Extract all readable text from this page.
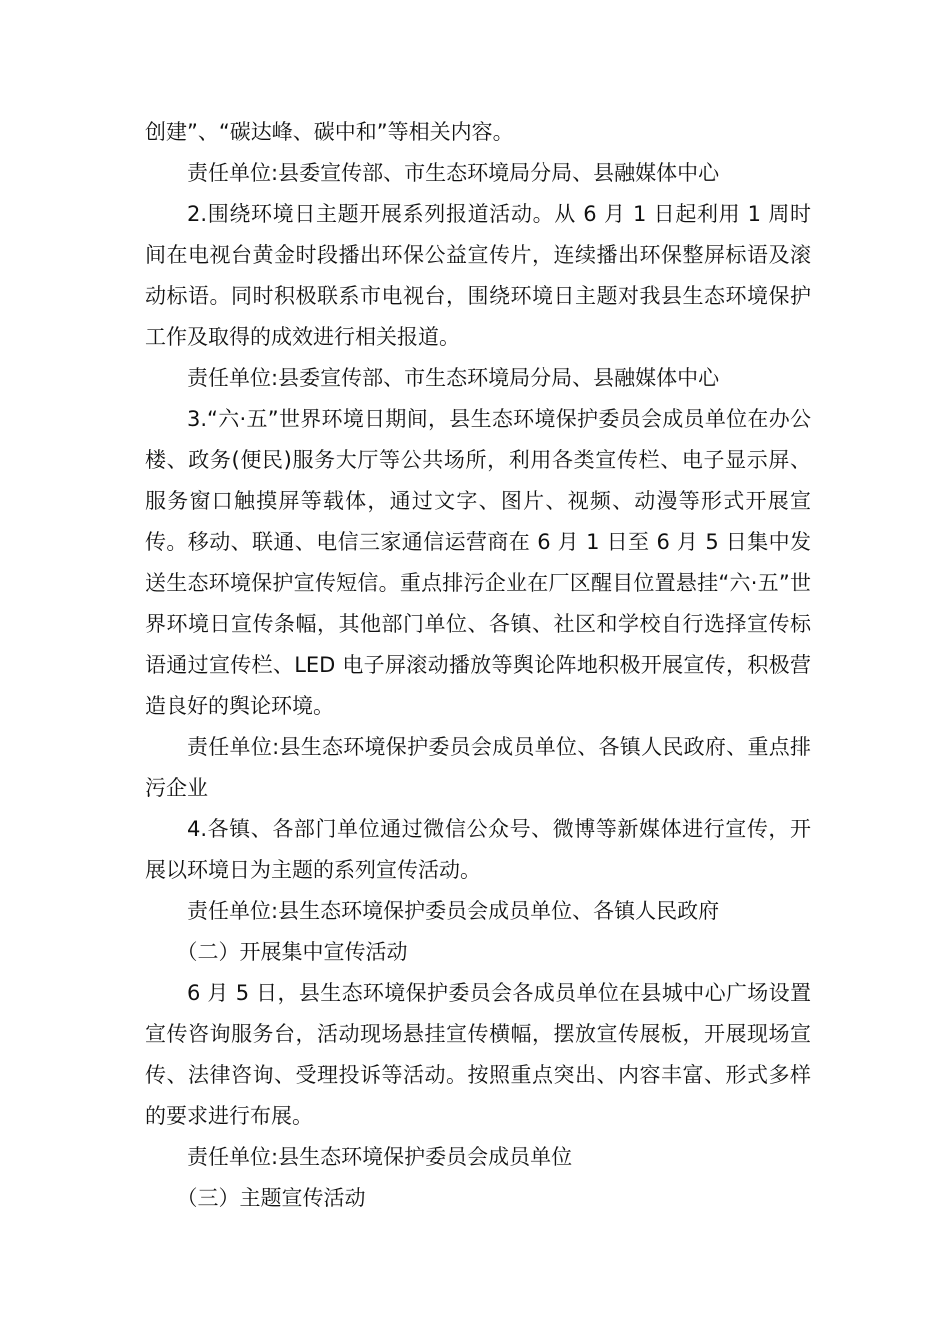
创建”、“碳达峰、碳中和”等相关内容。

责任单位:县委宣传部、市生态环境局分局、县融媒体中心

2.围绕环境日主题开展系列报道活动。从 6 月 1 日起利用 1 周时间在电视台黄金时段播出环保公益宣传片，连续播出环保整屏标语及滚动标语。同时积极联系市电视台，围绕环境日主题对我县生态环境保护工作及取得的成效进行相关报道。

责任单位:县委宣传部、市生态环境局分局、县融媒体中心

3.“六·五”世界环境日期间，县生态环境保护委员会成员单位在办公楼、政务(便民)服务大厅等公共场所，利用各类宣传栏、电子显示屏、服务窗口触摸屏等载体，通过文字、图片、视频、动漫等形式开展宣传。移动、联通、电信三家通信运营商在 6 月 1 日至 6 月 5 日集中发送生态环境保护宣传短信。重点排污企业在厂区醒目位置悬挂“六·五”世界环境日宣传条幅，其他部门单位、各镇、社区和学校自行选择宣传标语通过宣传栏、LED 电子屏滚动播放等舆论阵地积极开展宣传，积极营造良好的舆论环境。

责任单位:县生态环境保护委员会成员单位、各镇人民政府、重点排污企业

4.各镇、各部门单位通过微信公众号、微博等新媒体进行宣传，开展以环境日为主题的系列宣传活动。

责任单位:县生态环境保护委员会成员单位、各镇人民政府

（二）开展集中宣传活动

6 月 5 日，县生态环境保护委员会各成员单位在县城中心广场设置宣传咨询服务台，活动现场悬挂宣传横幅，摆放宣传展板，开展现场宣传、法律咨询、受理投诉等活动。按照重点突出、内容丰富、形式多样的要求进行布展。

责任单位:县生态环境保护委员会成员单位

（三）主题宣传活动
